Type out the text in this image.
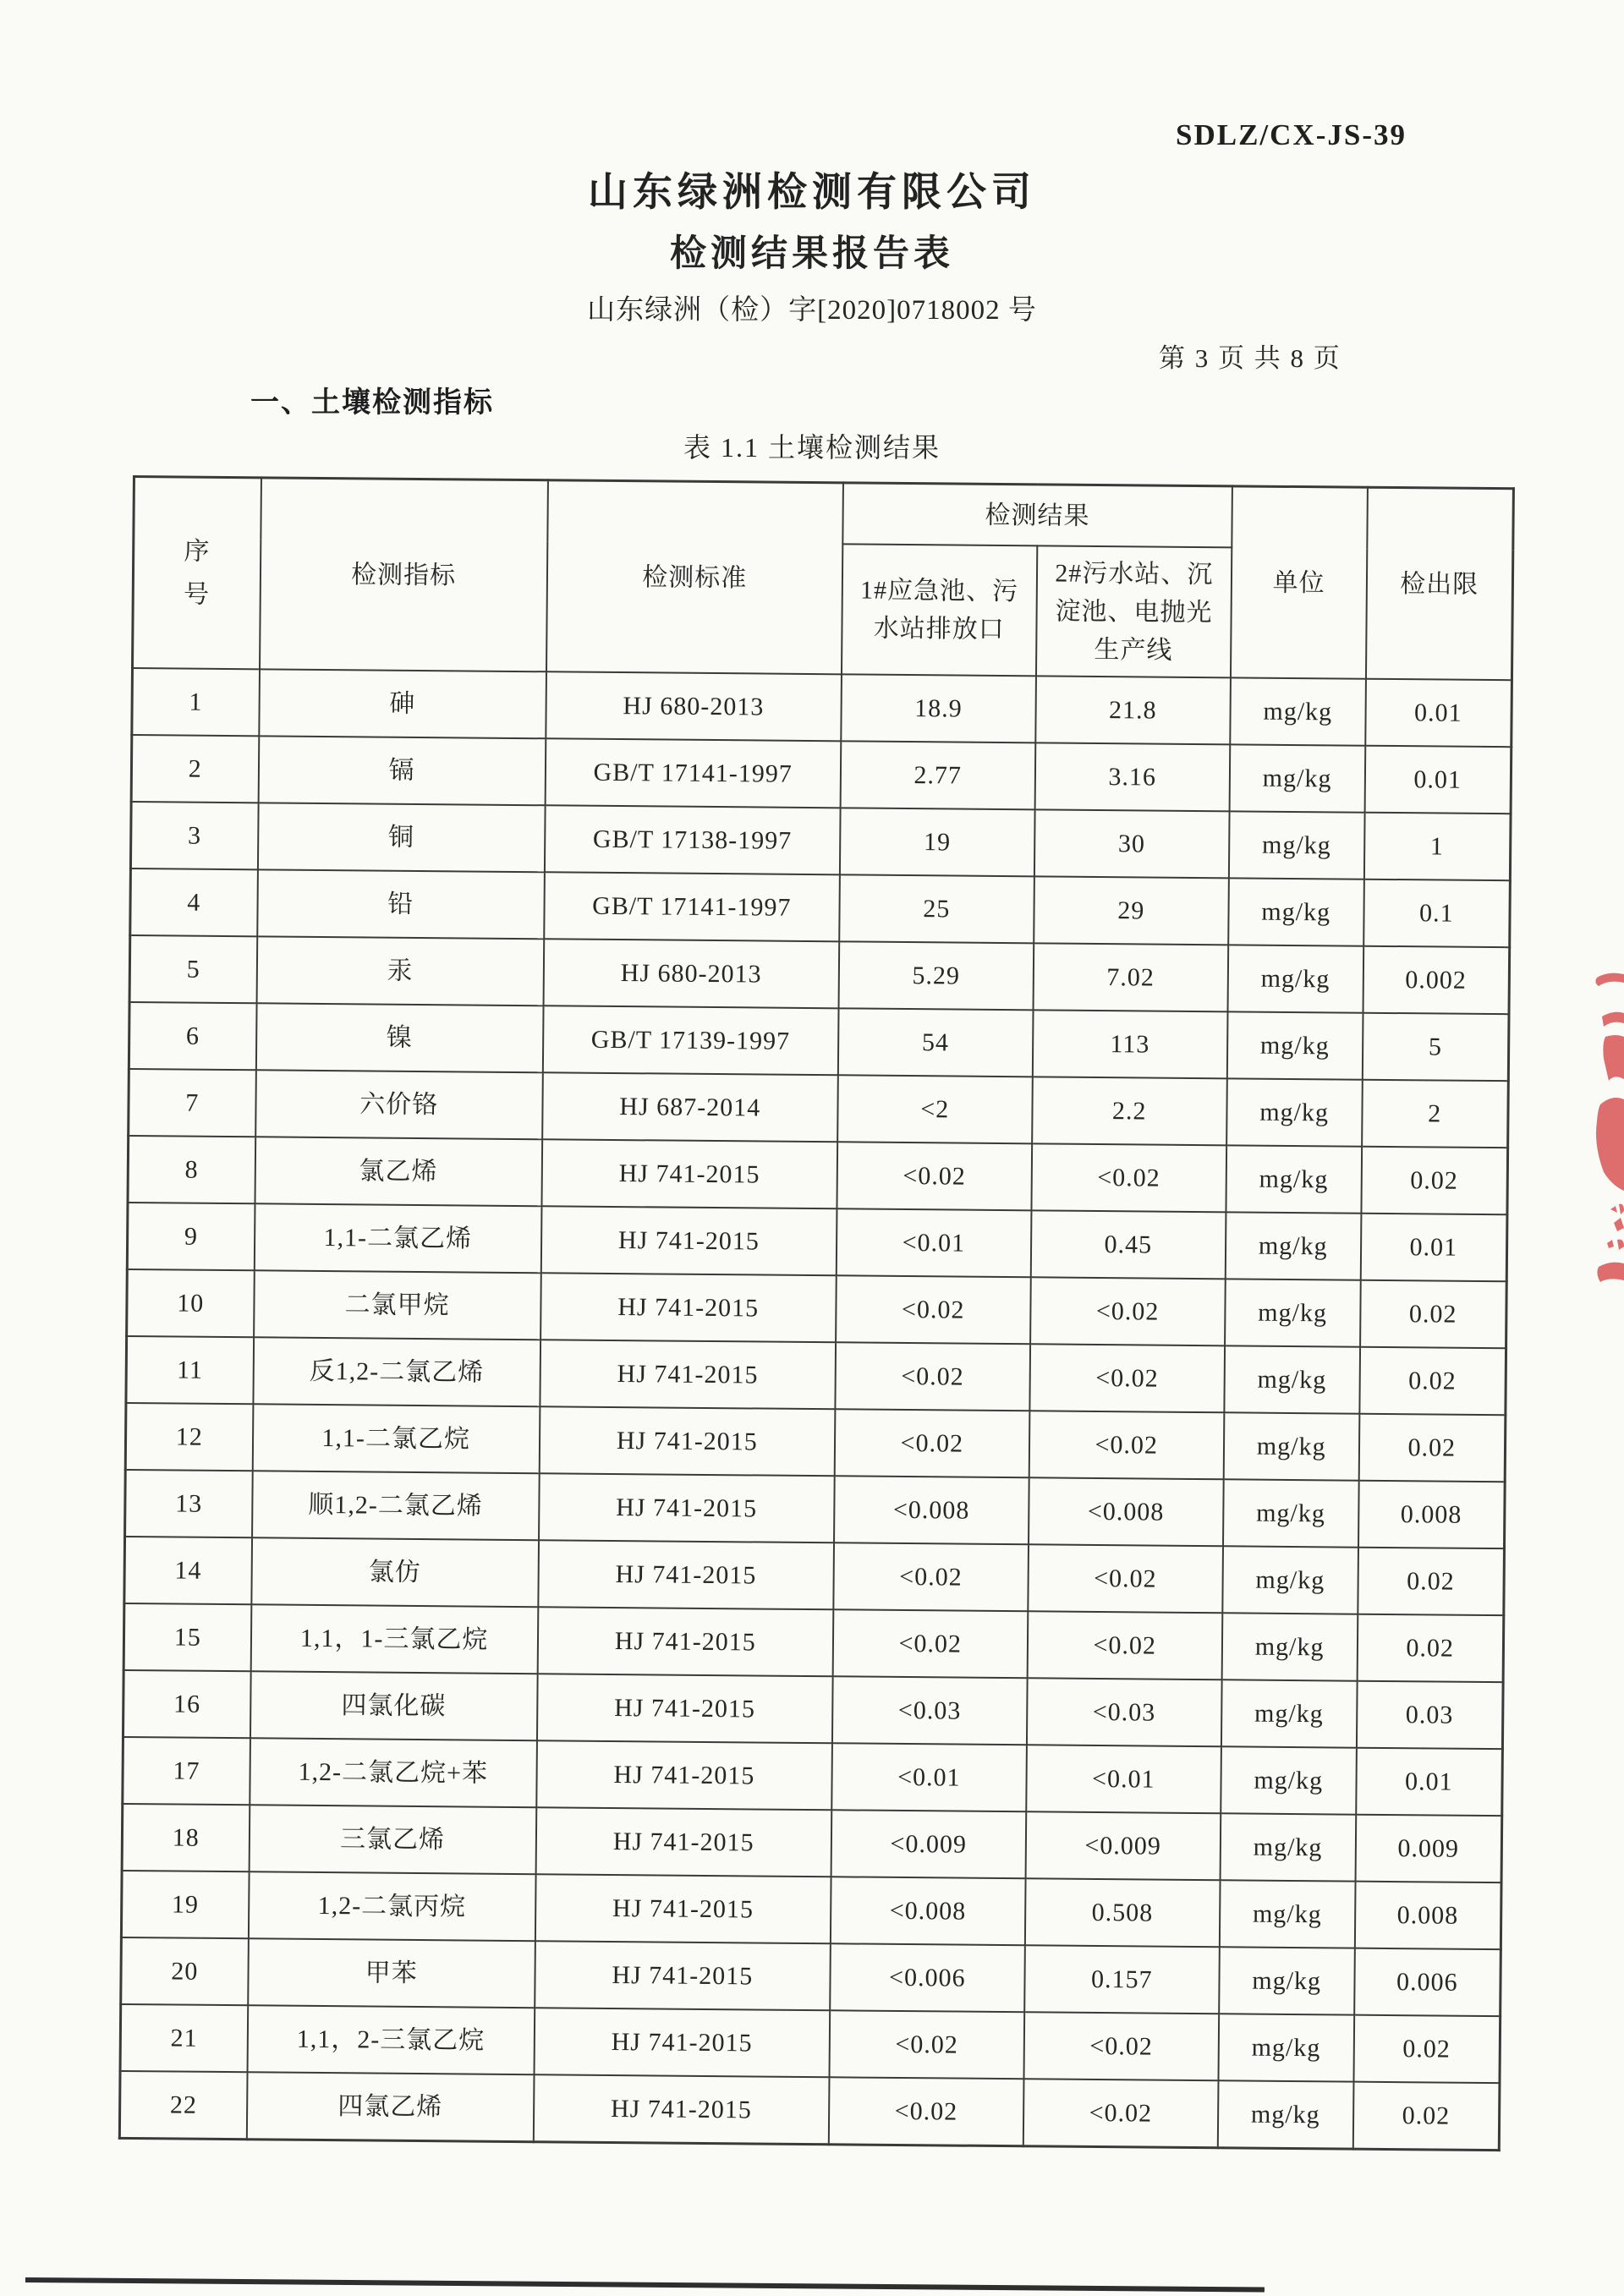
SDLZ/CX-JS-39
山东绿洲检测有限公司
检测结果报告表
山东绿洲（检）字[2020]0718002 号
第 3 页 共 8 页
一、土壤检测指标
表 1.1 土壤检测结果
序号	检测指标	检测标准	检测结果		单位	检出限
			1#应急池、污水站排放口	2#污水站、沉淀池、电抛光生产线		
1	砷	HJ 680-2013	18.9	21.8	mg/kg	0.01
2	镉	GB/T 17141-1997	2.77	3.16	mg/kg	0.01
3	铜	GB/T 17138-1997	19	30	mg/kg	1
4	铅	GB/T 17141-1997	25	29	mg/kg	0.1
5	汞	HJ 680-2013	5.29	7.02	mg/kg	0.002
6	镍	GB/T 17139-1997	54	113	mg/kg	5
7	六价铬	HJ 687-2014	<2	2.2	mg/kg	2
8	氯乙烯	HJ 741-2015	<0.02	<0.02	mg/kg	0.02
9	1,1-二氯乙烯	HJ 741-2015	<0.01	0.45	mg/kg	0.01
10	二氯甲烷	HJ 741-2015	<0.02	<0.02	mg/kg	0.02
11	反1,2-二氯乙烯	HJ 741-2015	<0.02	<0.02	mg/kg	0.02
12	1,1-二氯乙烷	HJ 741-2015	<0.02	<0.02	mg/kg	0.02
13	顺1,2-二氯乙烯	HJ 741-2015	<0.008	<0.008	mg/kg	0.008
14	氯仿	HJ 741-2015	<0.02	<0.02	mg/kg	0.02
15	1,1，1-三氯乙烷	HJ 741-2015	<0.02	<0.02	mg/kg	0.02
16	四氯化碳	HJ 741-2015	<0.03	<0.03	mg/kg	0.03
17	1,2-二氯乙烷+苯	HJ 741-2015	<0.01	<0.01	mg/kg	0.01
18	三氯乙烯	HJ 741-2015	<0.009	<0.009	mg/kg	0.009
19	1,2-二氯丙烷	HJ 741-2015	<0.008	0.508	mg/kg	0.008
20	甲苯	HJ 741-2015	<0.006	0.157	mg/kg	0.006
21	1,1，2-三氯乙烷	HJ 741-2015	<0.02	<0.02	mg/kg	0.02
22	四氯乙烯	HJ 741-2015	<0.02	<0.02	mg/kg	0.02
